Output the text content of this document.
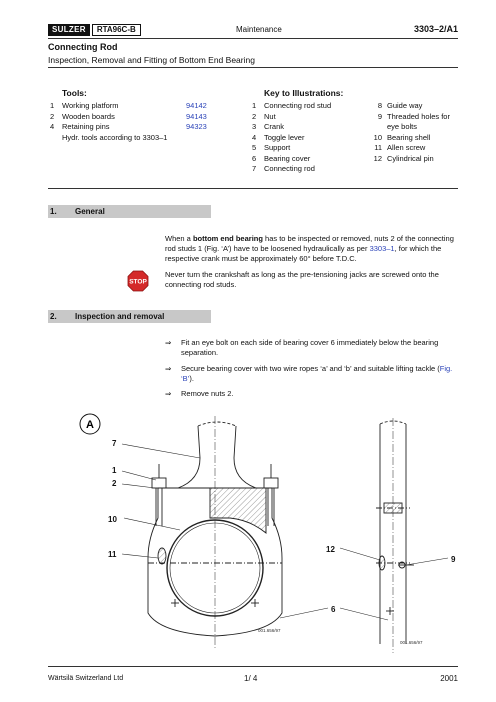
SULZER	RTA96C-B	Maintenance	3303–2/A1
Connecting Rod
Inspection, Removal and Fitting of Bottom End Bearing
Tools:
1	Working platform	94142
2	Wooden boards	94143
4	Retaining pins	94323
Hydr. tools according to 3303–1
Key to Illustrations:
1	Connecting rod stud
2	Nut
3	Crank
4	Toggle lever
5	Support
6	Bearing cover
7	Connecting rod
8 Guide way
9 Threaded holes for eye bolts
10 Bearing shell
11 Allen screw
12 Cylindrical pin
1. General
When a bottom end bearing has to be inspected or removed, nuts 2 of the connecting rod studs 1 (Fig. ‘A’) have to be loosened hydraulically as per 3303–1, for which the respective crank must be approximately 60° before T.D.C.
STOP
Never turn the crankshaft as long as the pre-tensioning jacks are screwed onto the connecting rod studs.
2. Inspection and removal
⇒	Fit an eye bolt on each side of bearing cover 6 immediately below the bearing separation.
⇒	Secure bearing cover with two wire ropes ‘a’ and ‘b’ and suitable lifting tackle (Fig. ‘B’).
⇒	Remove nuts 2.
A
7
1
2
10
11
12
9
6
001.656/97
001.656/97
Wärtsilä Switzerland Ltd	1/ 4	2001
